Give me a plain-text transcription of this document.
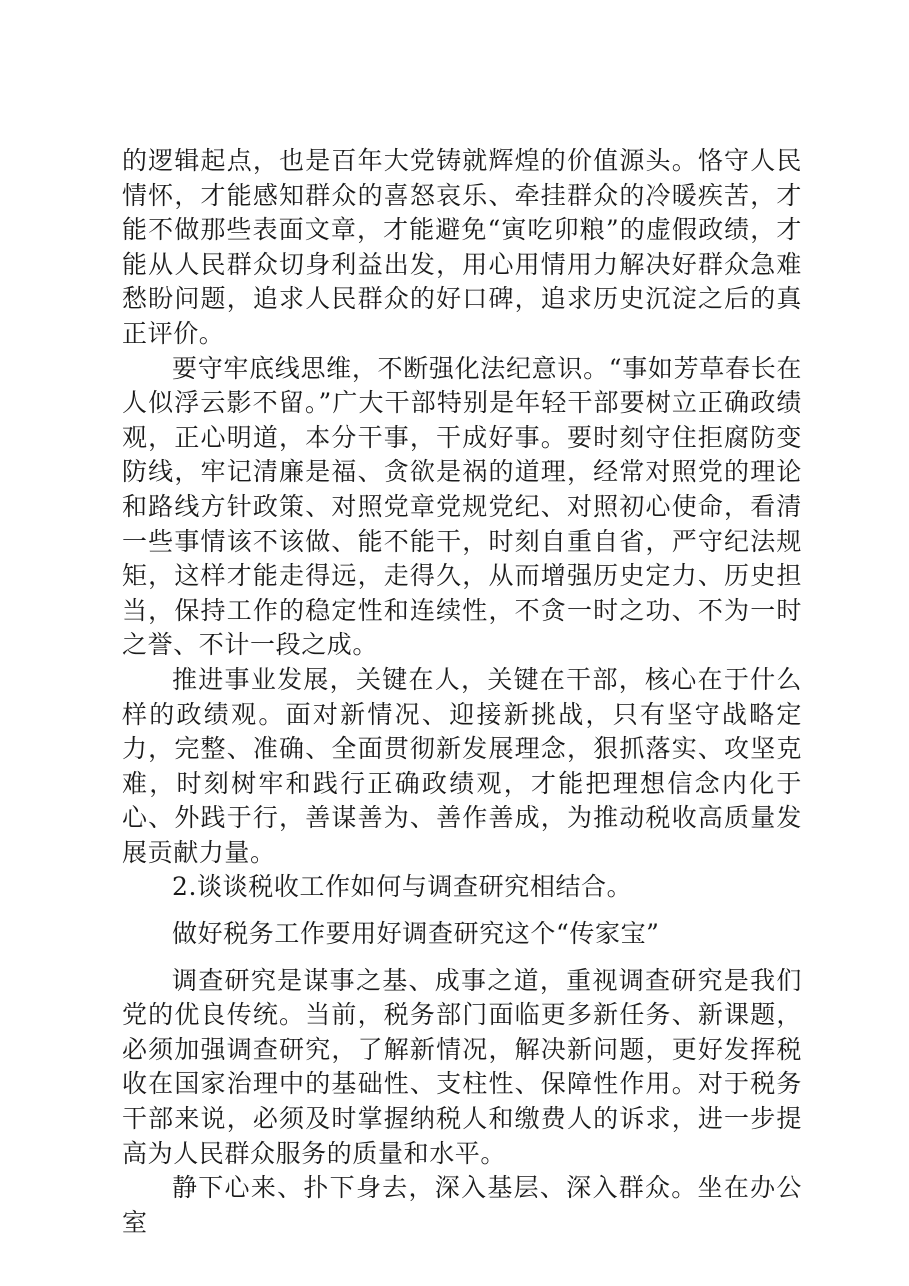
的逻辑起点，也是百年大党铸就辉煌的价值源头。恪守人民情怀，才能感知群众的喜怒哀乐、牵挂群众的冷暖疾苦，才能不做那些表面文章，才能避免“寅吃卯粮”的虚假政绩，才能从人民群众切身利益出发，用心用情用力解决好群众急难愁盼问题，追求人民群众的好口碑，追求历史沉淀之后的真正评价。

要守牢底线思维，不断强化法纪意识。“事如芳草春长在人似浮云影不留。”广大干部特别是年轻干部要树立正确政绩观，正心明道，本分干事，干成好事。要时刻守住拒腐防变防线，牢记清廉是福、贪欲是祸的道理，经常对照党的理论和路线方针政策、对照党章党规党纪、对照初心使命，看清一些事情该不该做、能不能干，时刻自重自省，严守纪法规矩，这样才能走得远，走得久，从而增强历史定力、历史担当，保持工作的稳定性和连续性，不贪一时之功、不为一时之誉、不计一段之成。

推进事业发展，关键在人，关键在干部，核心在于什么样的政绩观。面对新情况、迎接新挑战，只有坚守战略定力，完整、准确、全面贯彻新发展理念，狠抓落实、攻坚克难，时刻树牢和践行正确政绩观，才能把理想信念内化于心、外践于行，善谋善为、善作善成，为推动税收高质量发展贡献力量。

2.谈谈税收工作如何与调查研究相结合。

做好税务工作要用好调查研究这个“传家宝”

调查研究是谋事之基、成事之道，重视调查研究是我们党的优良传统。当前，税务部门面临更多新任务、新课题，必须加强调查研究，了解新情况，解决新问题，更好发挥税收在国家治理中的基础性、支柱性、保障性作用。对于税务干部来说，必须及时掌握纳税人和缴费人的诉求，进一步提高为人民群众服务的质量和水平。

静下心来、扑下身去，深入基层、深入群众。坐在办公室
